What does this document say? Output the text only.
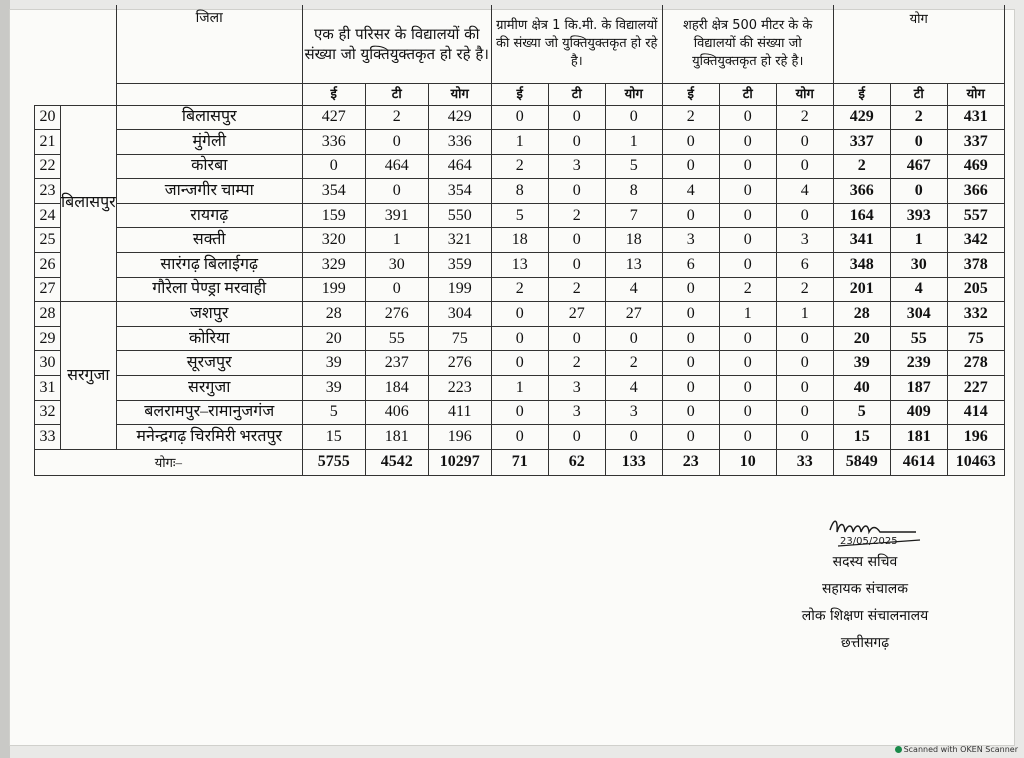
		जिला	एक ही परिसर के विद्यालयों की संख्या जो युक्तियुक्तकृत हो रहे है।			ग्रामीण क्षेत्र 1 कि.मी. के विद्यालयों की संख्या जो युक्तियुक्तकृत हो रहे है।			शहरी क्षेत्र 500 मीटर के के विद्यालयों की संख्या जो युक्तियुक्तकृत हो रहे है।			योग		
			ई	टी	योग	ई	टी	योग	ई	टी	योग	ई	टी	योग
20	बिलासपुर	बिलासपुर	427	2	429	0	0	0	2	0	2	429	2	431
21		मुंगेली	336	0	336	1	0	1	0	0	0	337	0	337
22		कोरबा	0	464	464	2	3	5	0	0	0	2	467	469
23		जान्जगीर चाम्पा	354	0	354	8	0	8	4	0	4	366	0	366
24		रायगढ़	159	391	550	5	2	7	0	0	0	164	393	557
25		सक्ती	320	1	321	18	0	18	3	0	3	341	1	342
26		सारंगढ़ बिलाईगढ़	329	30	359	13	0	13	6	0	6	348	30	378
27		गौरेला पेण्ड्रा मरवाही	199	0	199	2	2	4	0	2	2	201	4	205
28	सरगुजा	जशपुर	28	276	304	0	27	27	0	1	1	28	304	332
29		कोरिया	20	55	75	0	0	0	0	0	0	20	55	75
30		सूरजपुर	39	237	276	0	2	2	0	0	0	39	239	278
31		सरगुजा	39	184	223	1	3	4	0	0	0	40	187	227
32		बलरामपुर–रामानुजगंज	5	406	411	0	3	3	0	0	0	5	409	414
33		मनेन्द्रगढ़ चिरमिरी भरतपुर	15	181	196	0	0	0	0	0	0	15	181	196
योगः–			5755	4542	10297	71	62	133	23	10	33	5849	4614	10463
23/05/2025
सदस्य सचिव
सहायक संचालक
लोक शिक्षण संचालनालय
छत्तीसगढ़
Scanned with OKEN Scanner
